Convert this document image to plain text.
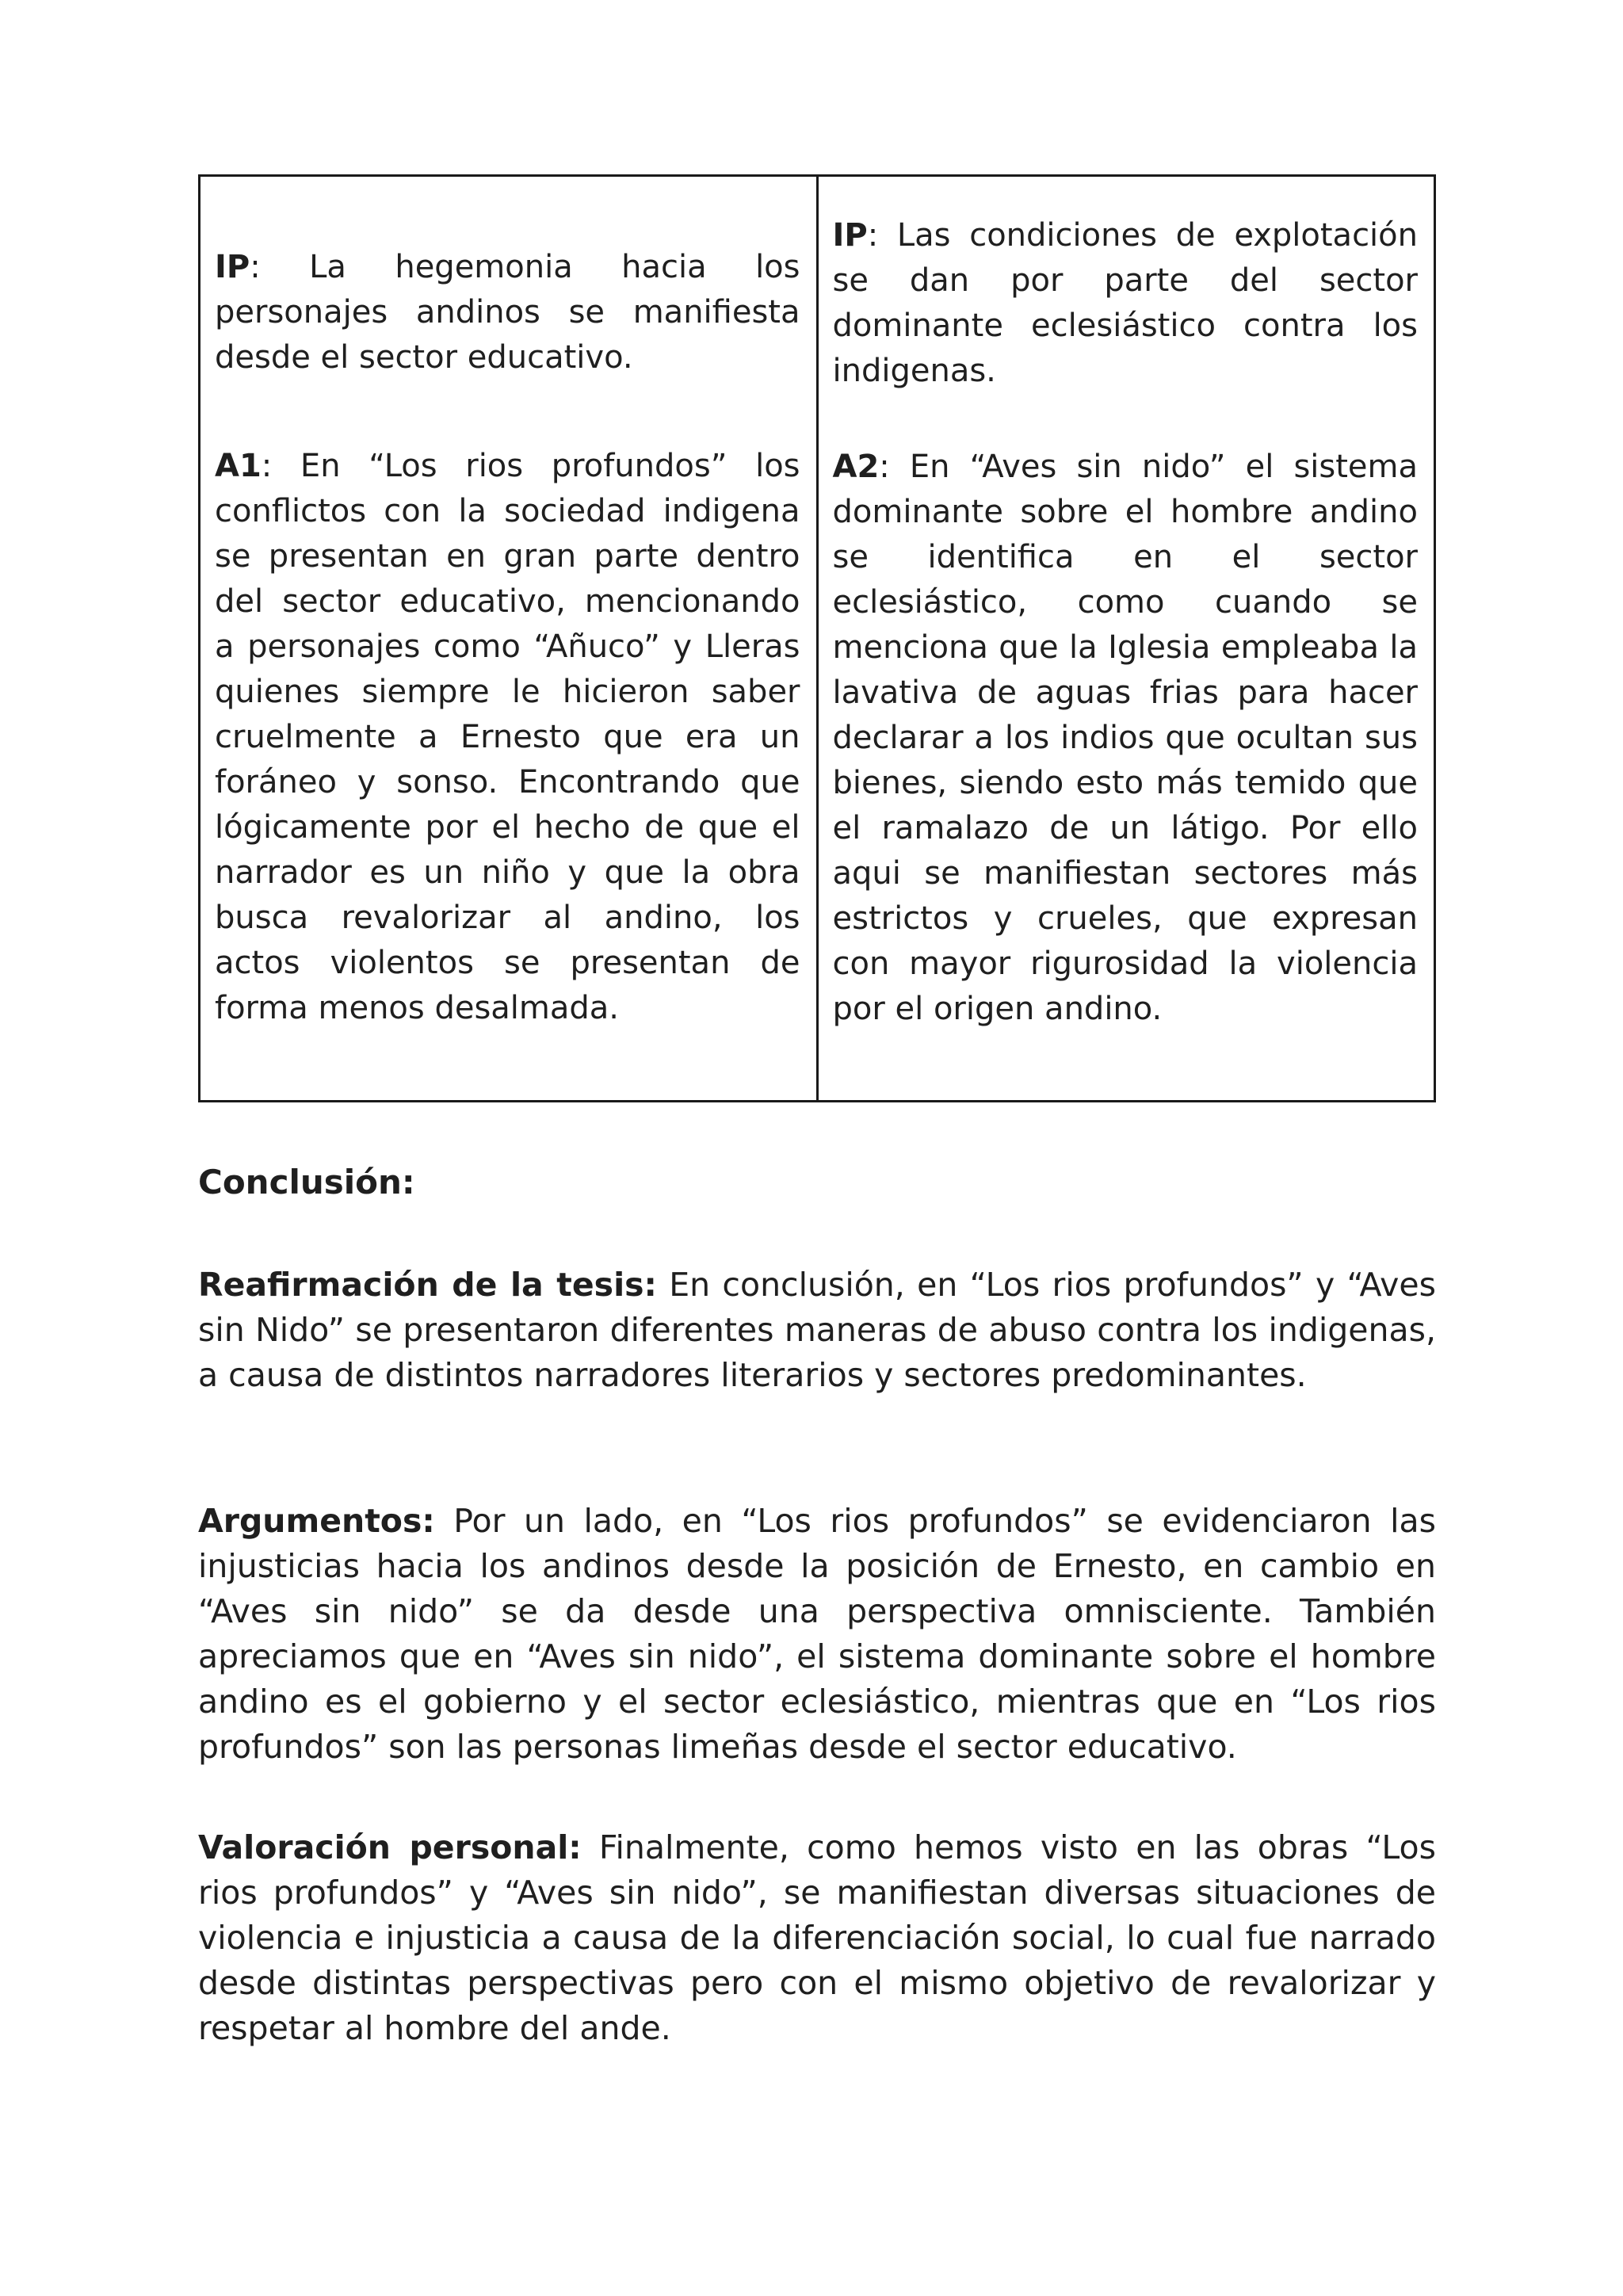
IP: La hegemonia hacia los personajes andinos se manifiesta desde el sector educativo.

A1: En “Los rios profundos” los conflictos con la sociedad indigena se presentan en gran parte dentro del sector educativo, mencionando a personajes como “Añuco” y Lleras quienes siempre le hicieron saber cruelmente a Ernesto que era un foráneo y sonso. Encontrando que lógicamente por el hecho de que el narrador es un niño y que la obra busca revalorizar al andino, los actos violentos se presentan de forma menos desalmada.

IP: Las condiciones de explotación se dan por parte del sector dominante eclesiástico contra los indigenas.

A2: En “Aves sin nido” el sistema dominante sobre el hombre andino se identifica en el sector eclesiástico, como cuando se menciona que la Iglesia empleaba la lavativa de aguas frias para hacer declarar a los indios que ocultan sus bienes, siendo esto más temido que el ramalazo de un látigo. Por ello aqui se manifiestan sectores más estrictos y crueles, que expresan con mayor rigurosidad la violencia por el origen andino.

Conclusión:

Reafirmación de la tesis: En conclusión, en “Los rios profundos” y “Aves sin Nido” se presentaron diferentes maneras de abuso contra los indigenas, a causa de distintos narradores literarios y sectores predominantes.

Argumentos: Por un lado, en “Los rios profundos” se evidenciaron las injusticias hacia los andinos desde la posición de Ernesto, en cambio en “Aves sin nido” se da desde una perspectiva omnisciente. También apreciamos que en “Aves sin nido”, el sistema dominante sobre el hombre andino es el gobierno y el sector eclesiástico, mientras que en “Los rios profundos” son las personas limeñas desde el sector educativo.

Valoración personal: Finalmente, como hemos visto en las obras “Los rios profundos” y “Aves sin nido”, se manifiestan diversas situaciones de violencia e injusticia a causa de la diferenciación social, lo cual fue narrado desde distintas perspectivas pero con el mismo objetivo de revalorizar y respetar al hombre del ande.
